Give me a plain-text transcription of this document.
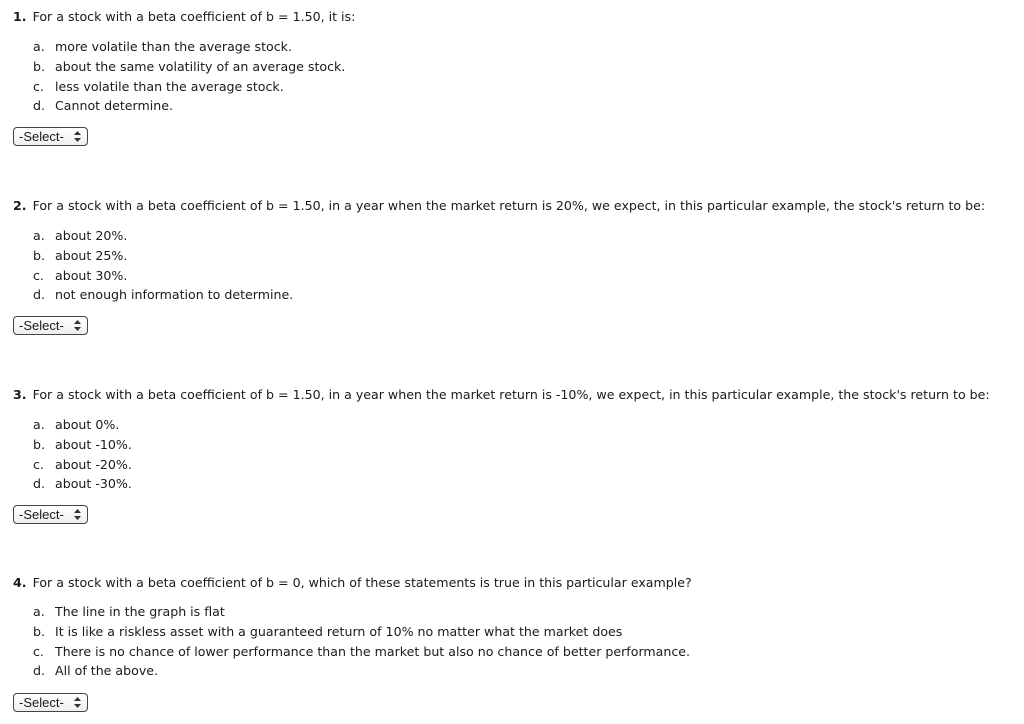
1. For a stock with a beta coefficient of b = 1.50, it is:
a. more volatile than the average stock.
b. about the same volatility of an average stock.
c. less volatile than the average stock.
d. Cannot determine.
-Select-
2. For a stock with a beta coefficient of b = 1.50, in a year when the market return is 20%, we expect, in this particular example, the stock's return to be:
a. about 20%.
b. about 25%.
c. about 30%.
d. not enough information to determine.
-Select-
3. For a stock with a beta coefficient of b = 1.50, in a year when the market return is -10%, we expect, in this particular example, the stock's return to be:
a. about 0%.
b. about -10%.
c. about -20%.
d. about -30%.
-Select-
4. For a stock with a beta coefficient of b = 0, which of these statements is true in this particular example?
a. The line in the graph is flat
b. It is like a riskless asset with a guaranteed return of 10% no matter what the market does
c. There is no chance of lower performance than the market but also no chance of better performance.
d. All of the above.
-Select-
